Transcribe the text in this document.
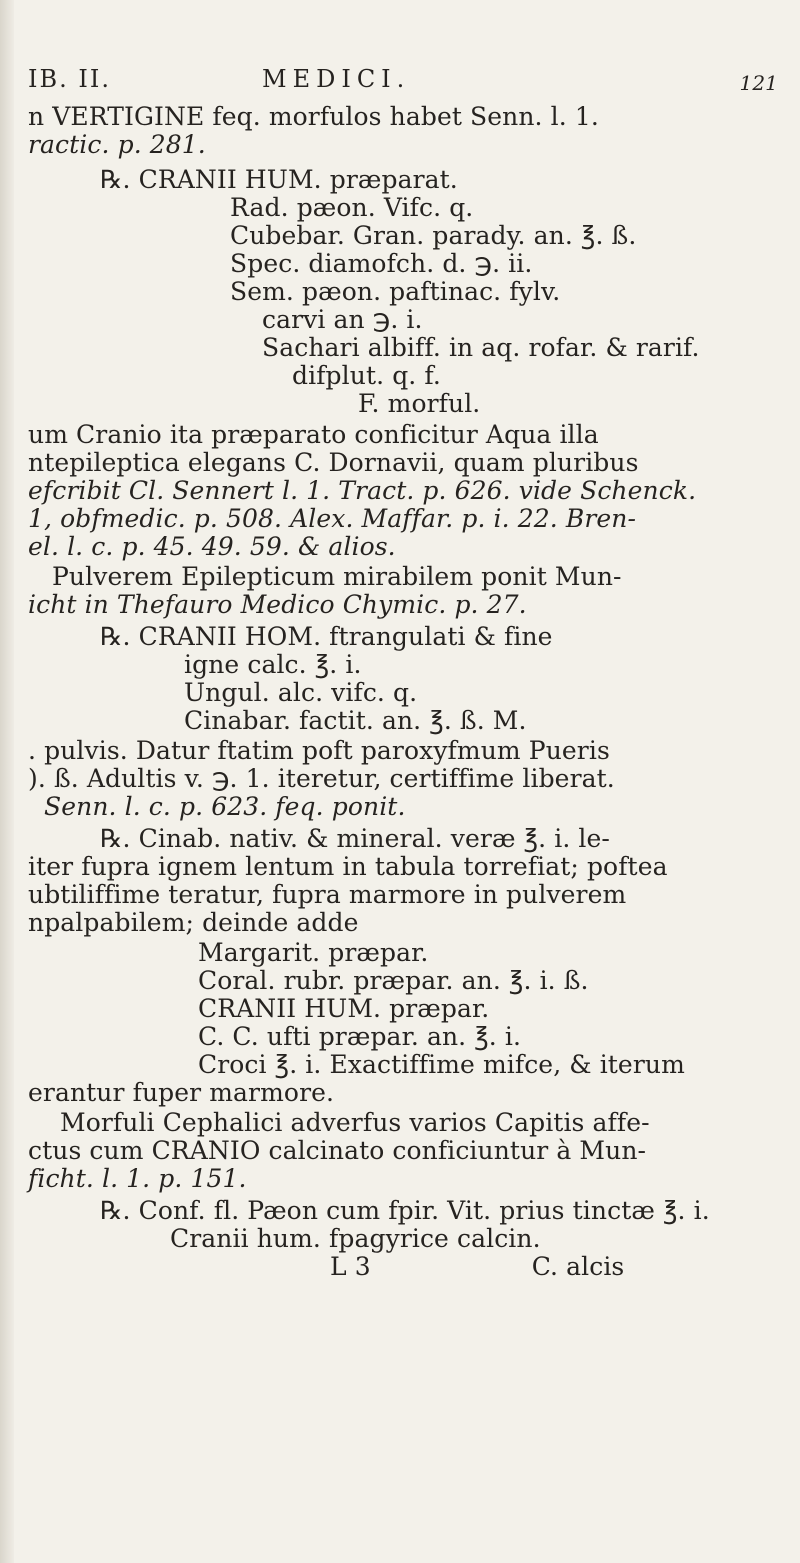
IB. II.	MEDICI.	121
n VERTIGINE feq. morfulos habet Senn. l. 1.
ractic. p. 281.
℞. CRANII HUM. præparat.
Rad. pæon. Vifc. q.
Cubebar. Gran. parady. an. ℥. ß.
Spec. diamofch. d. ℈. ii.
Sem. pæon. paftinac. fylv.
carvi an ℈. i.
Sachari albiff. in aq. rofar. & rarif.
difplut. q. f.
F. morful.
um Cranio ita præparato conficitur Aqua illa
ntepileptica elegans C. Dornavii, quam pluribus
efcribit Cl. Sennert l. 1. Tract. p. 626. vide Schenck.
1, obfmedic. p. 508. Alex. Maffar. p. i. 22. Bren-
el. l. c. p. 45. 49. 59. & alios.
Pulverem Epilepticum mirabilem ponit Mun-
icht in Thefauro Medico Chymic. p. 27.
℞. CRANII HOM. ftrangulati & fine
igne calc. ℥. i.
Ungul. alc. vifc. q.
Cinabar. factit. an. ℥. ß. M.
. pulvis. Datur ftatim poft paroxyfmum Pueris
). ß. Adultis v. ℈. 1. iteretur, certiffime liberat.
Senn. l. c. p. 623. feq. ponit.
℞. Cinab. nativ. & mineral. veræ ℥. i. le-
iter fupra ignem lentum in tabula torrefiat; poftea
ubtiliffime teratur, fupra marmore in pulverem
npalpabilem; deinde adde
Margarit. præpar.
Coral. rubr. præpar. an. ℥. i. ß.
CRANII HUM. præpar.
C. C. ufti præpar. an. ℥. i.
Croci ℥. i. Exactiffime mifce, & iterum
erantur fuper marmore.
Morfuli Cephalici adverfus varios Capitis affe-
ctus cum CRANIO calcinato conficiuntur à Mun-
ficht. l. 1. p. 151.
℞. Conf. fl. Pæon cum fpir. Vit. prius tinctæ ℥. i.
Cranii hum. fpagyrice calcin.
L 3                    C. alcis
